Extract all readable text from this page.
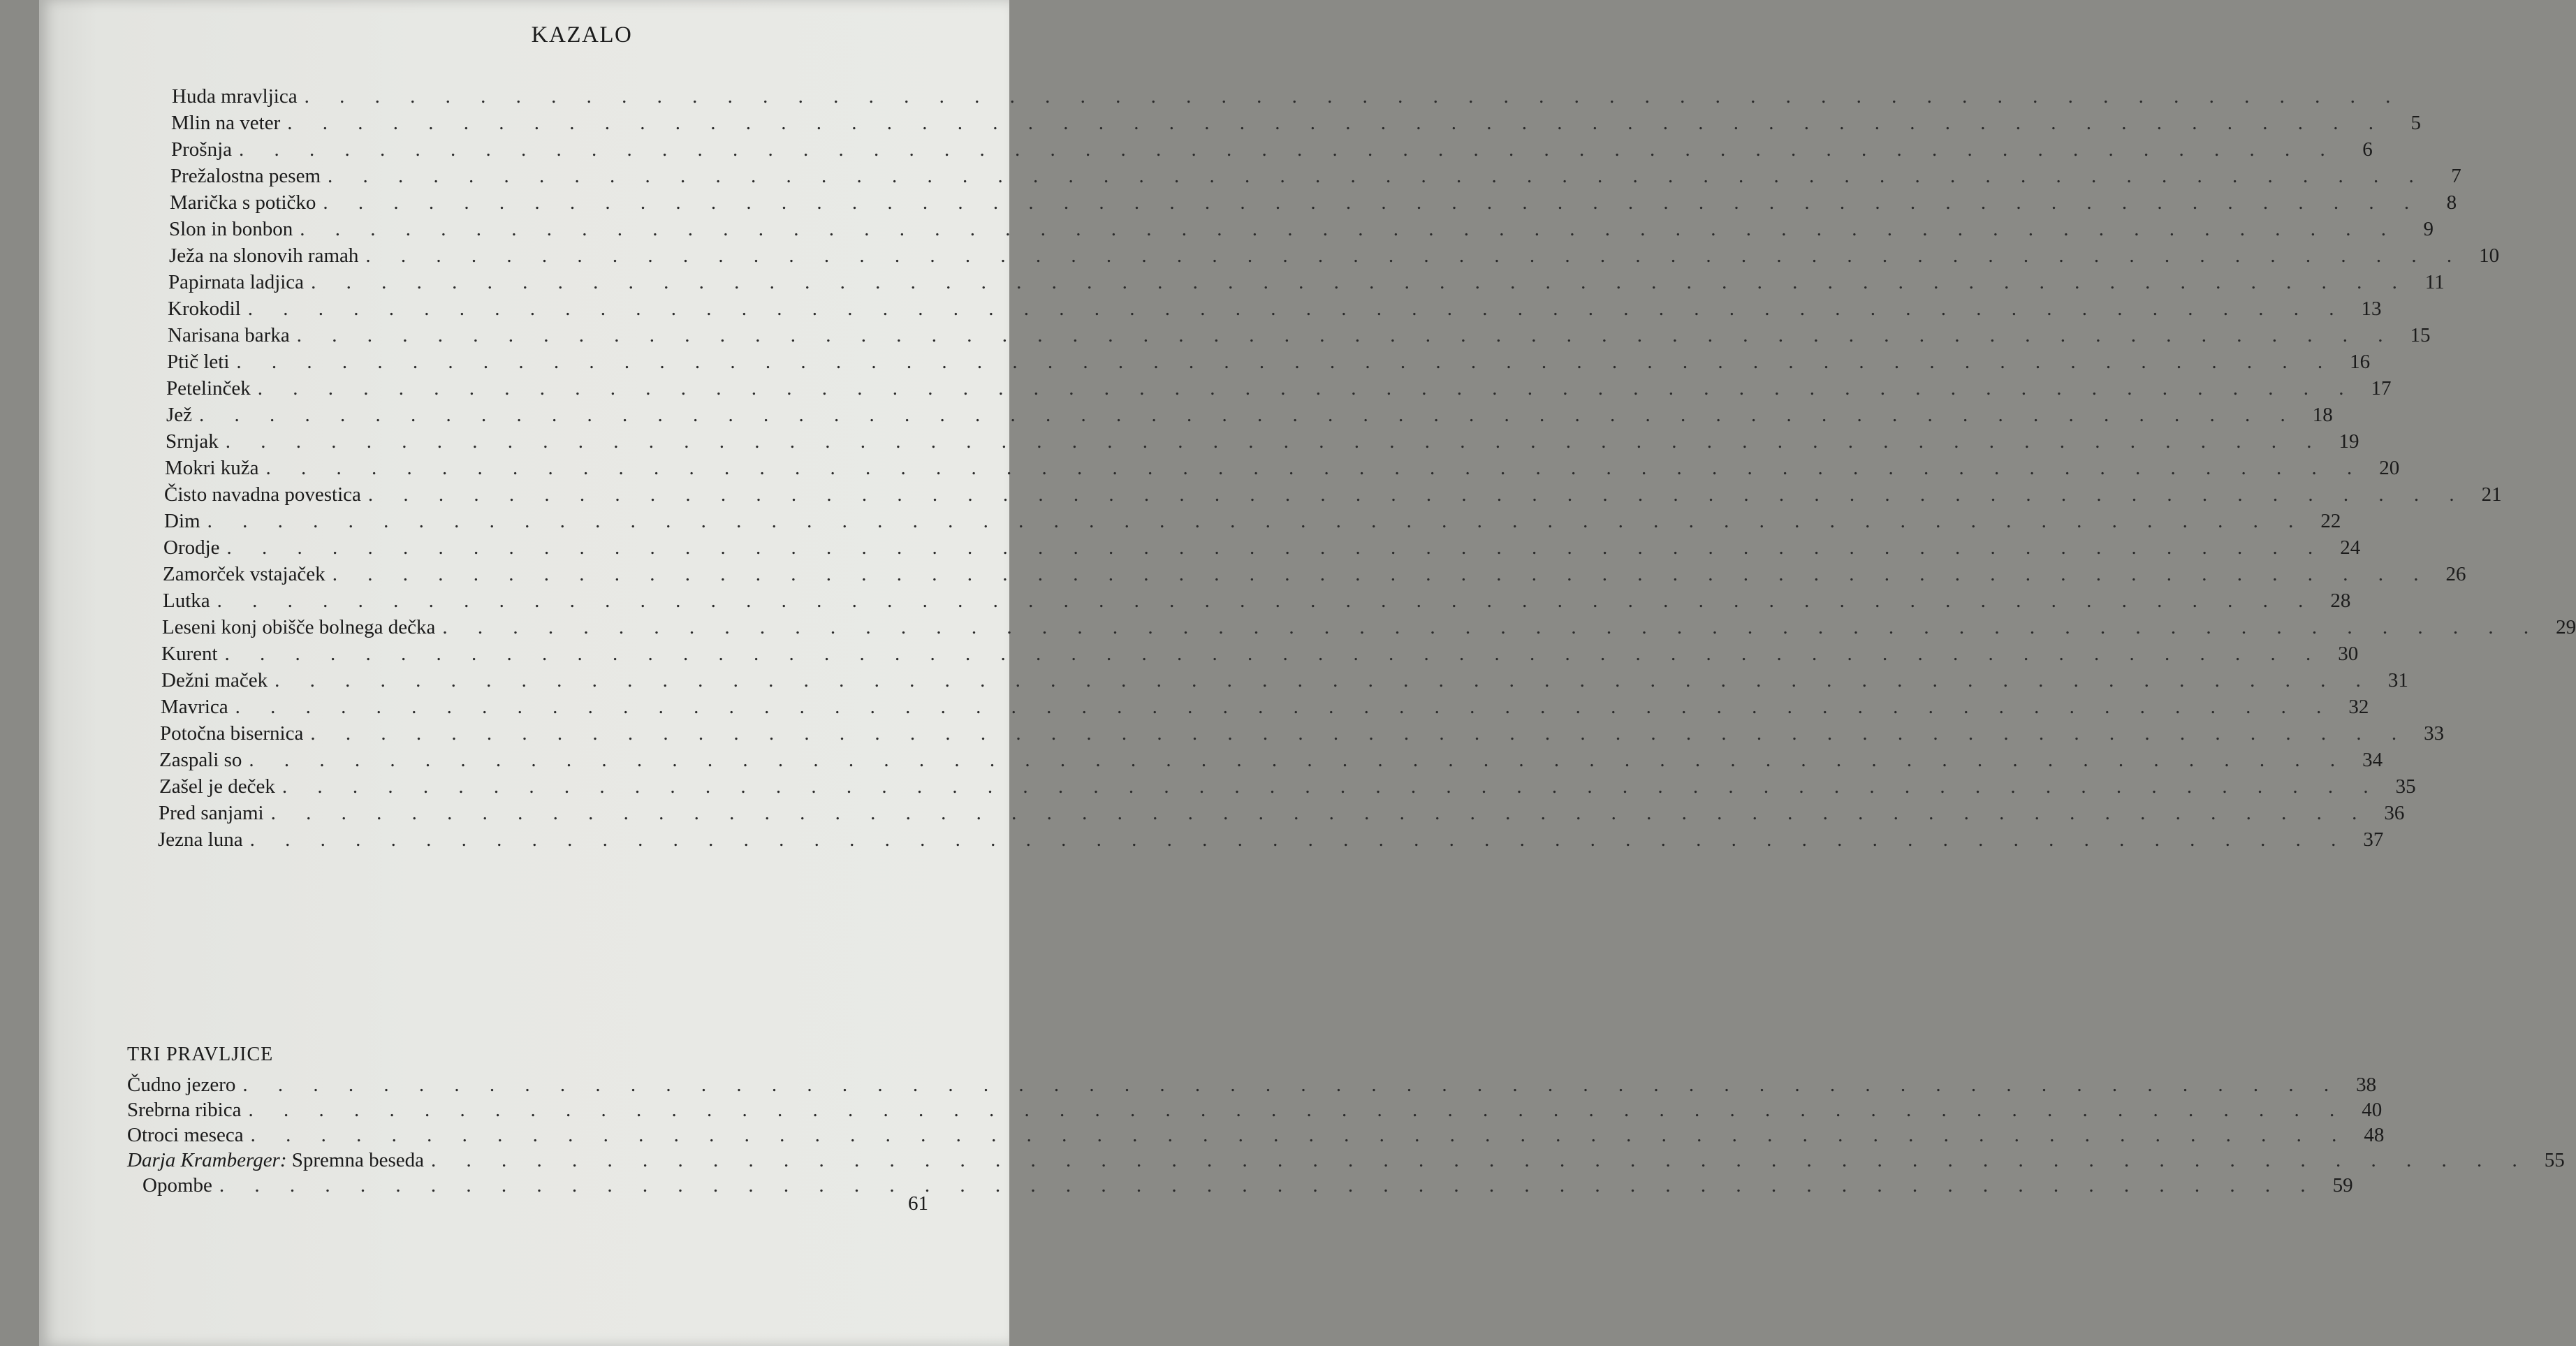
KAZALO
TRI PRAVLJICE
Huda mravljica . . . . . . . . . . . . . . . . . . . . . . . . . . . . . . . . . . . . . . . . . . . . . . . . . . . . . . . . . . . .
Mlin na veter . . . . . . . . . . . . . . . . . . . . . . . . . . . . . . . . . . . . . . . . . . . . . . . . . . . . . . . . . . . .	5
Prošnja . . . . . . . . . . . . . . . . . . . . . . . . . . . . . . . . . . . . . . . . . . . . . . . . . . . . . . . . . . . .	6
Prežalostna pesem . . . . . . . . . . . . . . . . . . . . . . . . . . . . . . . . . . . . . . . . . . . . . . . . . . . . . . . . . . . .	7
Marička s potičko . . . . . . . . . . . . . . . . . . . . . . . . . . . . . . . . . . . . . . . . . . . . . . . . . . . . . . . . . . . .	8
Slon in bonbon . . . . . . . . . . . . . . . . . . . . . . . . . . . . . . . . . . . . . . . . . . . . . . . . . . . . . . . . . . . .	9
Ježa na slonovih ramah . . . . . . . . . . . . . . . . . . . . . . . . . . . . . . . . . . . . . . . . . . . . . . . . . . . . . . . . . . . . 10
Papirnata ladjica . . . . . . . . . . . . . . . . . . . . . . . . . . . . . . . . . . . . . . . . . . . . . . . . . . . . . . . . . . . . 11
Krokodil . . . . . . . . . . . . . . . . . . . . . . . . . . . . . . . . . . . . . . . . . . . . . . . . . . . . . . . . . . . . 13
Narisana barka . . . . . . . . . . . . . . . . . . . . . . . . . . . . . . . . . . . . . . . . . . . . . . . . . . . . . . . . . . . . 15
Ptič leti . . . . . . . . . . . . . . . . . . . . . . . . . . . . . . . . . . . . . . . . . . . . . . . . . . . . . . . . . . . . 16
Petelinček . . . . . . . . . . . . . . . . . . . . . . . . . . . . . . . . . . . . . . . . . . . . . . . . . . . . . . . . . . . . 17
Jež . . . . . . . . . . . . . . . . . . . . . . . . . . . . . . . . . . . . . . . . . . . . . . . . . . . . . . . . . . . . 18
Srnjak . . . . . . . . . . . . . . . . . . . . . . . . . . . . . . . . . . . . . . . . . . . . . . . . . . . . . . . . . . . . 19
Mokri kuža . . . . . . . . . . . . . . . . . . . . . . . . . . . . . . . . . . . . . . . . . . . . . . . . . . . . . . . . . . . . 20
Čisto navadna povestica . . . . . . . . . . . . . . . . . . . . . . . . . . . . . . . . . . . . . . . . . . . . . . . . . . . . . . . . . . . . 21
Dim . . . . . . . . . . . . . . . . . . . . . . . . . . . . . . . . . . . . . . . . . . . . . . . . . . . . . . . . . . . . 22
Orodje . . . . . . . . . . . . . . . . . . . . . . . . . . . . . . . . . . . . . . . . . . . . . . . . . . . . . . . . . . . . 24
Zamorček vstajaček . . . . . . . . . . . . . . . . . . . . . . . . . . . . . . . . . . . . . . . . . . . . . . . . . . . . . . . . . . . . 26
Lutka . . . . . . . . . . . . . . . . . . . . . . . . . . . . . . . . . . . . . . . . . . . . . . . . . . . . . . . . . . . . 28
Leseni konj obišče bolnega dečka . . . . . . . . . . . . . . . . . . . . . . . . . . . . . . . . . . . . . . . . . . . . . . . . . . . . . . . . . . . . 29
Kurent . . . . . . . . . . . . . . . . . . . . . . . . . . . . . . . . . . . . . . . . . . . . . . . . . . . . . . . . . . . . 30
Dežni maček . . . . . . . . . . . . . . . . . . . . . . . . . . . . . . . . . . . . . . . . . . . . . . . . . . . . . . . . . . . . 31
Mavrica . . . . . . . . . . . . . . . . . . . . . . . . . . . . . . . . . . . . . . . . . . . . . . . . . . . . . . . . . . . . 32
Potočna bisernica . . . . . . . . . . . . . . . . . . . . . . . . . . . . . . . . . . . . . . . . . . . . . . . . . . . . . . . . . . . . 33
Zaspali so . . . . . . . . . . . . . . . . . . . . . . . . . . . . . . . . . . . . . . . . . . . . . . . . . . . . . . . . . . . . 34
Zašel je deček . . . . . . . . . . . . . . . . . . . . . . . . . . . . . . . . . . . . . . . . . . . . . . . . . . . . . . . . . . . . 35
Pred sanjami . . . . . . . . . . . . . . . . . . . . . . . . . . . . . . . . . . . . . . . . . . . . . . . . . . . . . . . . . . . . 36
Jezna luna . . . . . . . . . . . . . . . . . . . . . . . . . . . . . . . . . . . . . . . . . . . . . . . . . . . . . . . . . . . . 37
Čudno jezero . . . . . . . . . . . . . . . . . . . . . . . . . . . . . . . . . . . . . . . . . . . . . . . . . . . . . . . . . . . . 38
Srebrna ribica . . . . . . . . . . . . . . . . . . . . . . . . . . . . . . . . . . . . . . . . . . . . . . . . . . . . . . . . . . . . 40
Otroci meseca . . . . . . . . . . . . . . . . . . . . . . . . . . . . . . . . . . . . . . . . . . . . . . . . . . . . . . . . . . . . 48
Darja Kramberger: Spremna beseda . . . . . . . . . . . . . . . . . . . . . . . . . . . . . . . . . . . . . . . . . . . . . . . . . . . . . . . . . . . . 55
Opombe . . . . . . . . . . . . . . . . . . . . . . . . . . . . . . . . . . . . . . . . . . . . . . . . . . . . . . . . . . . . 59
61
